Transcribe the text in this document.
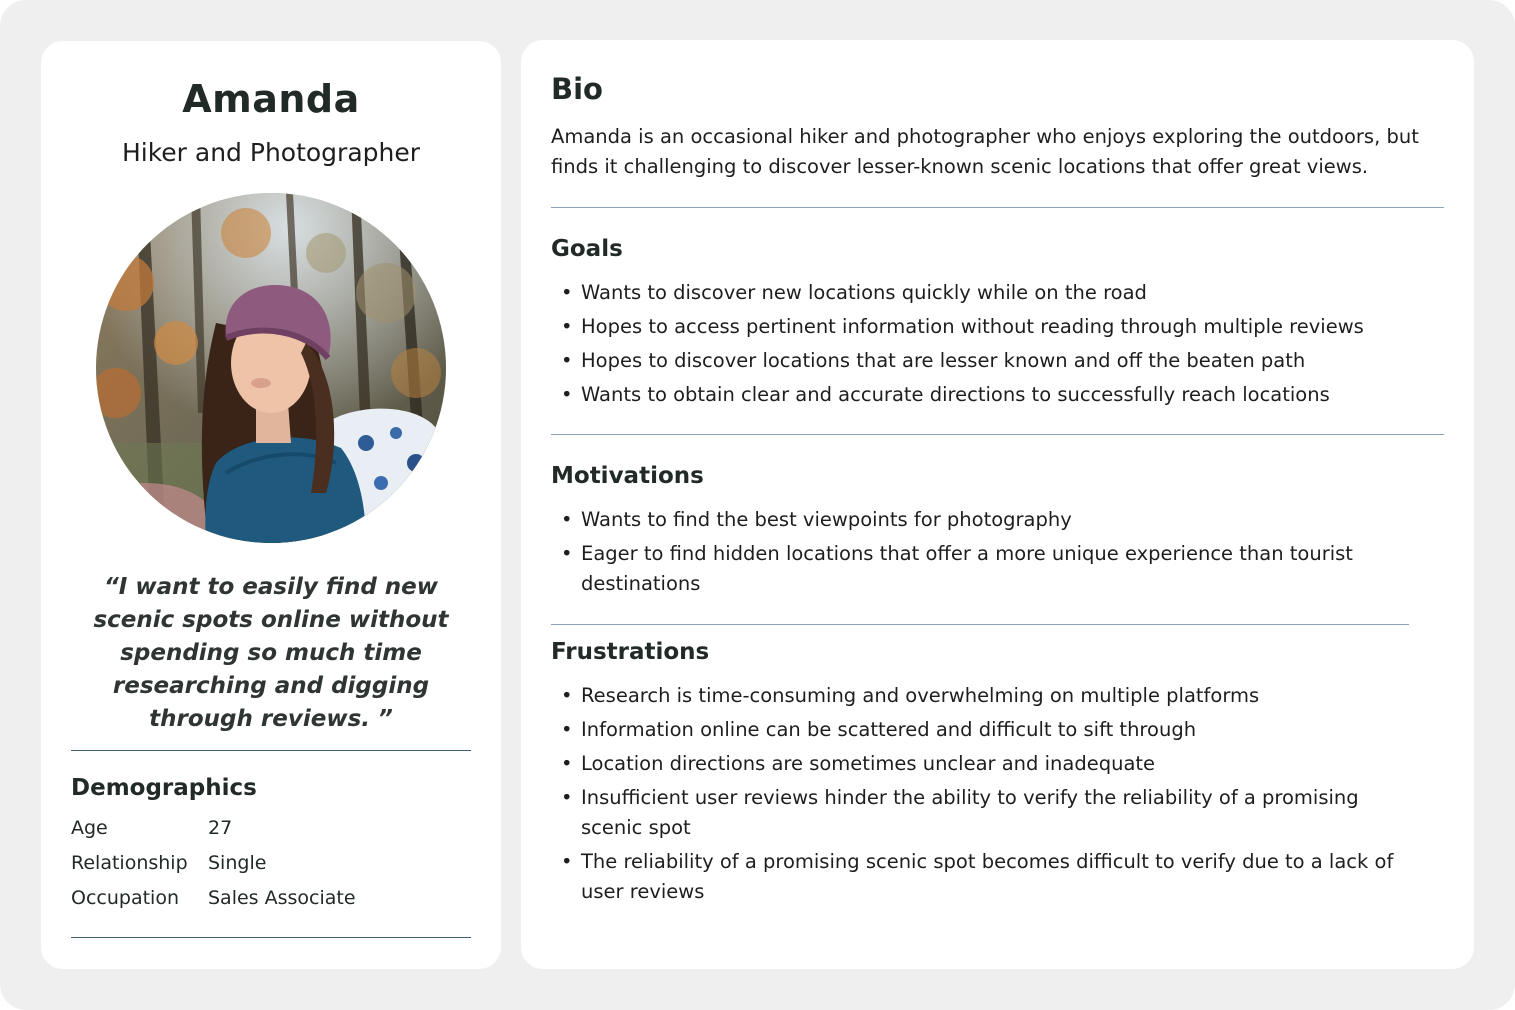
Amanda
Hiker and Photographer
“I want to easily find new scenic spots online without spending so much time researching and digging through reviews. ”
Demographics
Age	27
Relationship	Single
Occupation	Sales Associate
Bio
Amanda is an occasional hiker and photographer who enjoys exploring the outdoors, but finds it challenging to discover lesser-known scenic locations that offer great views.
Goals
• Wants to discover new locations quickly while on the road
• Hopes to access pertinent information without reading through multiple reviews
• Hopes to discover locations that are lesser known and off the beaten path
• Wants to obtain clear and accurate directions to successfully reach locations
Motivations
• Wants to find the best viewpoints for photography
• Eager to find hidden locations that offer a more unique experience than tourist destinations
Frustrations
• Research is time-consuming and overwhelming on multiple platforms
• Information online can be scattered and difficult to sift through
• Location directions are sometimes unclear and inadequate
• Insufficient user reviews hinder the ability to verify the reliability of a promising scenic spot
• The reliability of a promising scenic spot becomes difficult to verify due to a lack of user reviews
